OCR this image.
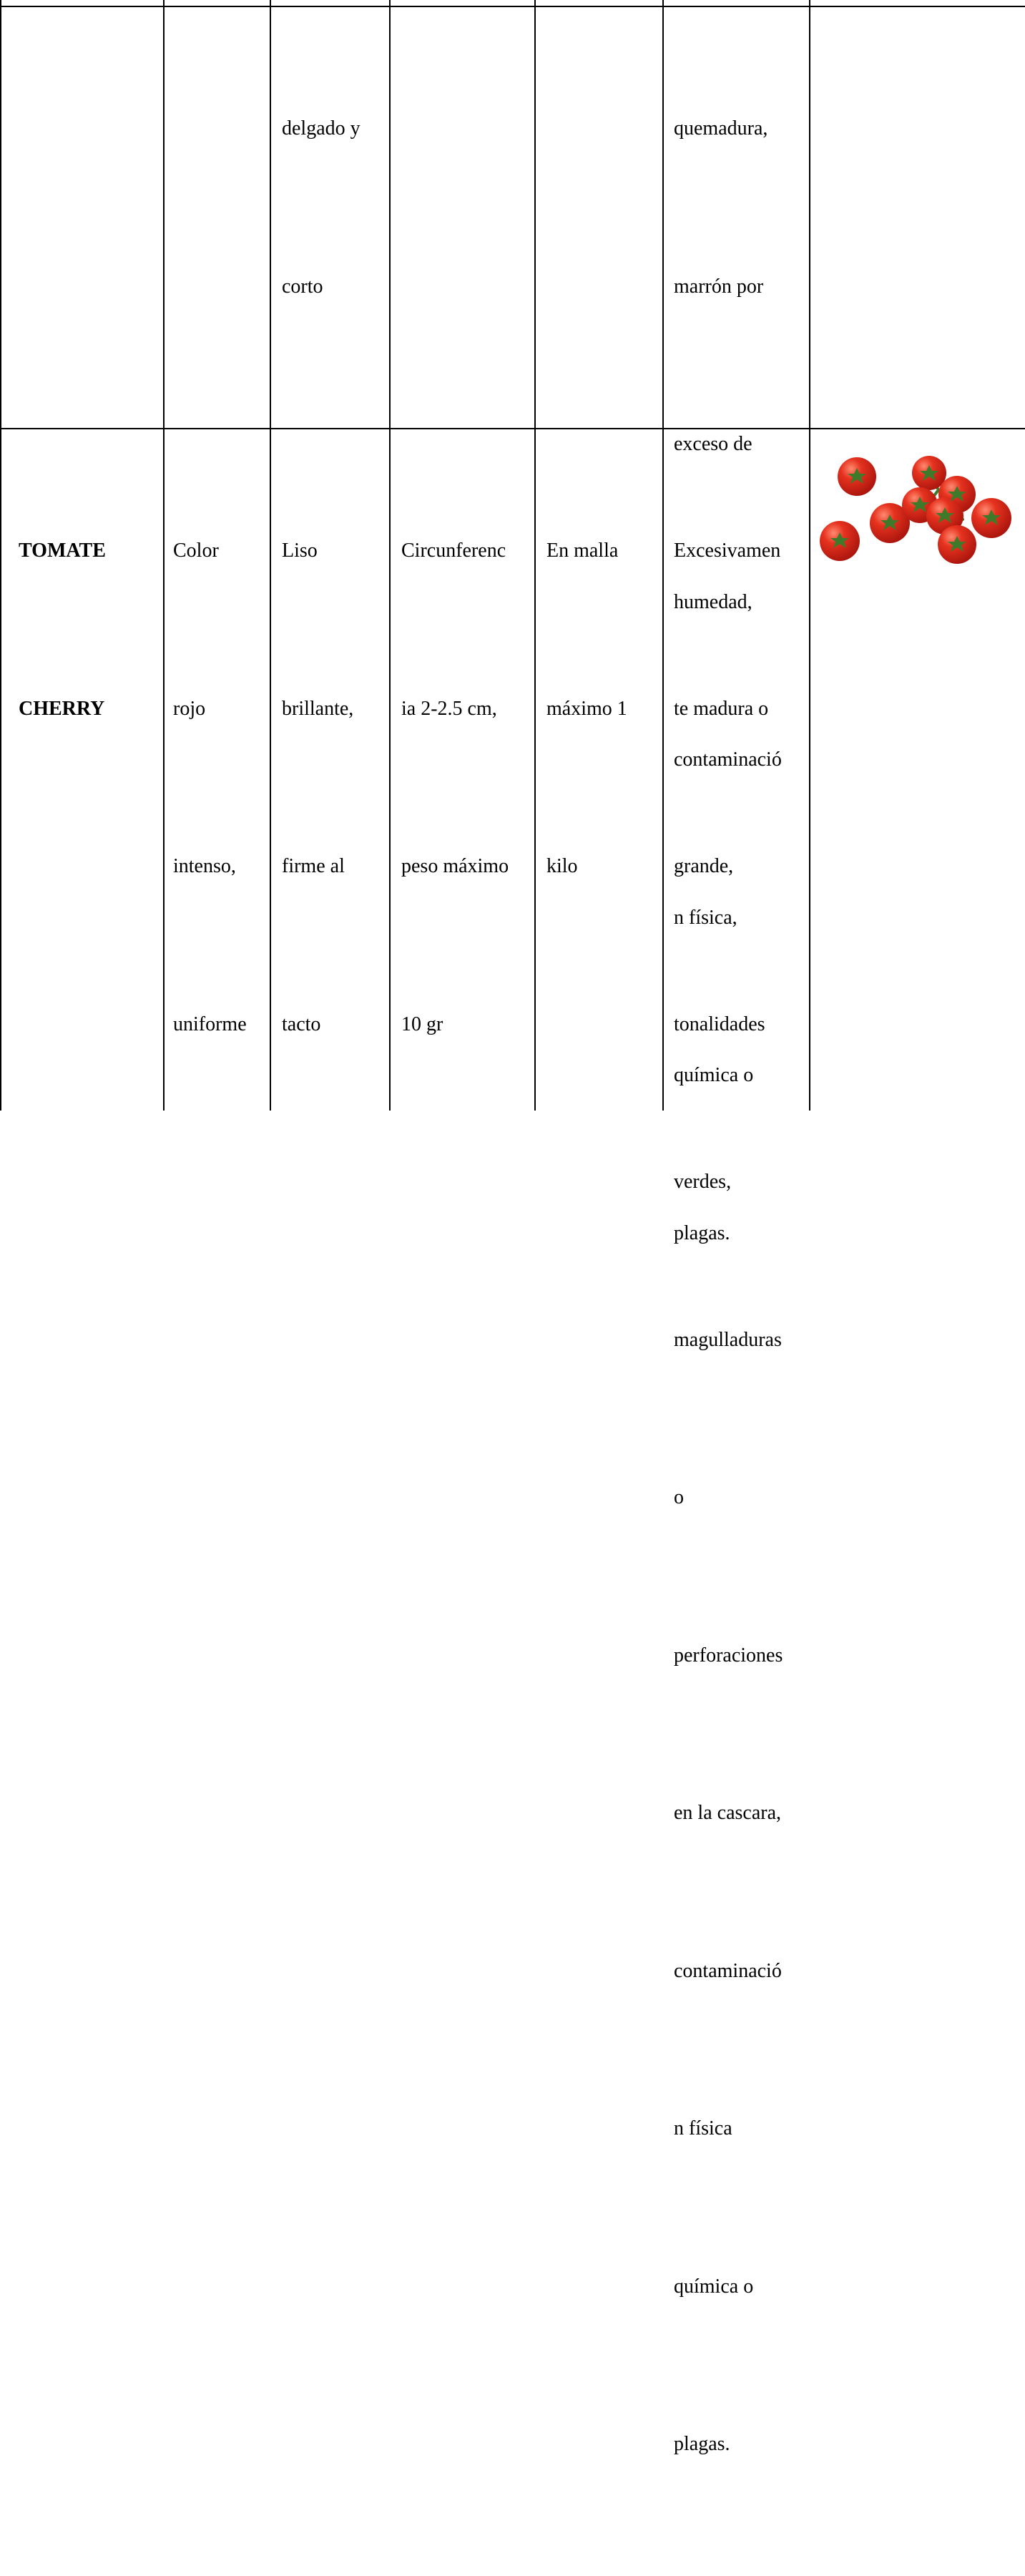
delgado y

corto

quemadura,

marrón por

exceso de

humedad,

contaminació

n física,

química o

plagas.

TOMATE

CHERRY

Color

rojo

intenso,

uniforme

Liso

brillante,

firme al

tacto

Circunferenc

ia 2-2.5 cm,

peso máximo

10 gr

En malla

máximo 1

kilo

Excesivamen

te madura o

grande,

tonalidades

verdes,

magulladuras

o

perforaciones

en la cascara,

contaminació

n física

química o

plagas.
